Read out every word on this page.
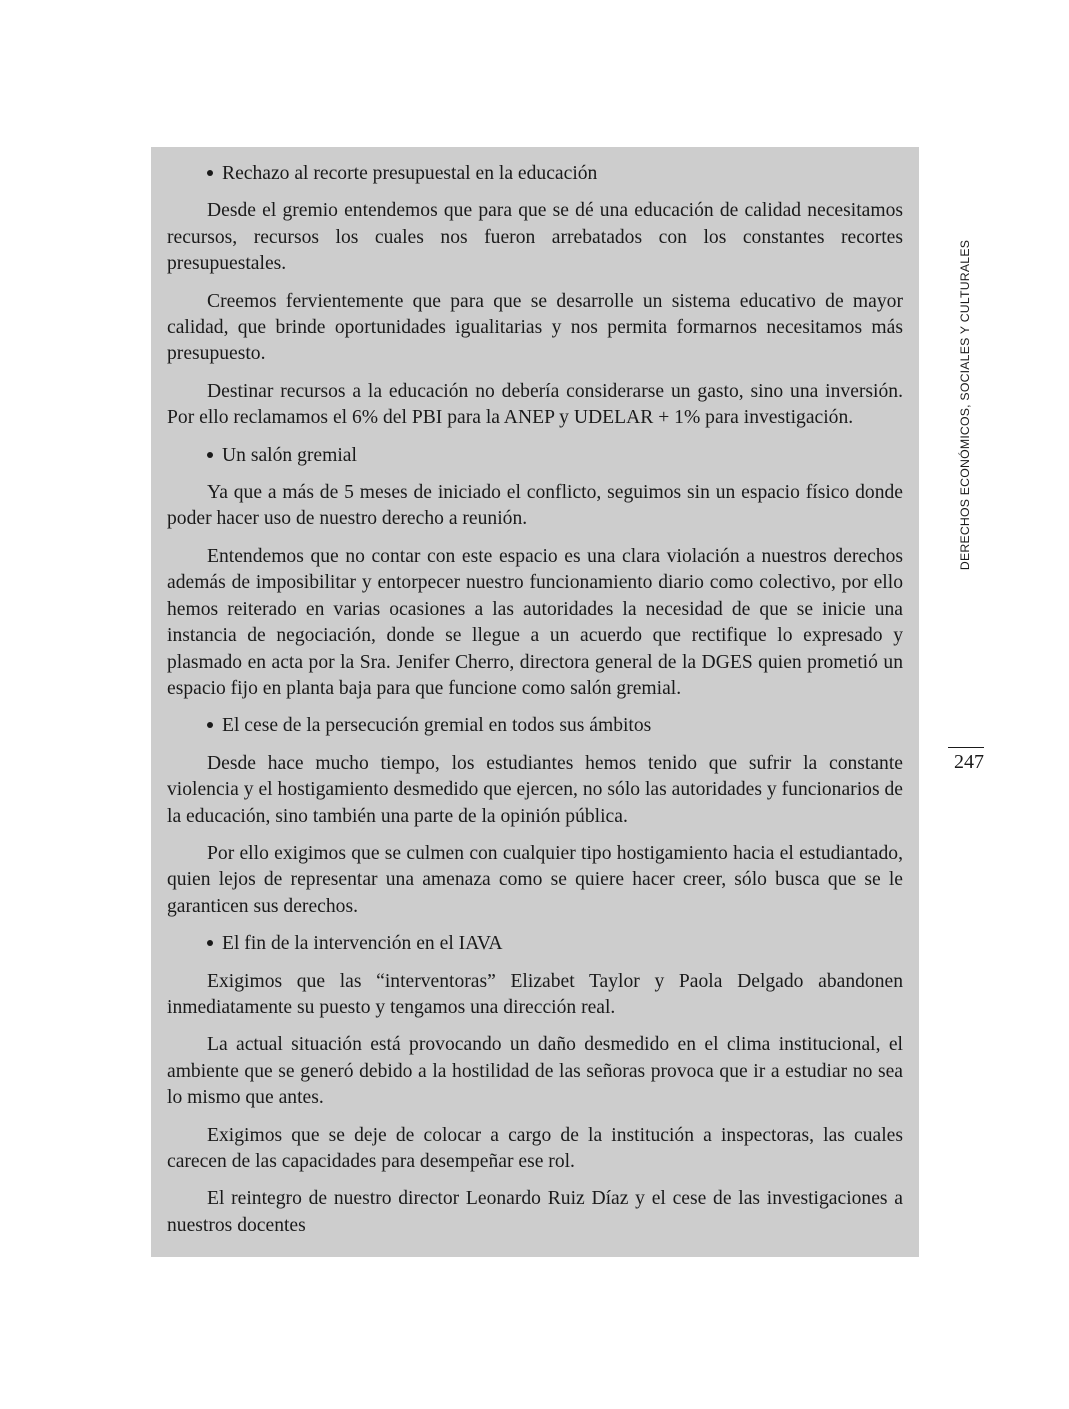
Rechazo al recorte presupuestal en la educación

Desde el gremio entendemos que para que se dé una educación de calidad necesitamos recursos, recursos los cuales nos fueron arrebatados con los constantes recortes presupuestales.

Creemos fervientemente que para que se desarrolle un sistema educativo de mayor calidad, que brinde oportunidades igualitarias y nos permita formarnos necesitamos más presupuesto.

Destinar recursos a la educación no debería considerarse un gasto, sino una inversión. Por ello reclamamos el 6% del PBI para la ANEP y UDELAR + 1% para investigación.

Un salón gremial

Ya que a más de 5 meses de iniciado el conflicto, seguimos sin un espacio físico donde poder hacer uso de nuestro derecho a reunión.

Entendemos que no contar con este espacio es una clara violación a nuestros derechos además de imposibilitar y entorpecer nuestro funcionamiento diario como colectivo, por ello hemos reiterado en varias ocasiones a las autoridades la necesidad de que se inicie una instancia de negociación, donde se llegue a un acuerdo que rectifique lo expresado y plasmado en acta por la Sra. Jenifer Cherro, directora general de la DGES quien prometió un espacio fijo en planta baja para que funcione como salón gremial.

El cese de la persecución gremial en todos sus ámbitos

Desde hace mucho tiempo, los estudiantes hemos tenido que sufrir la constante violencia y el hostigamiento desmedido que ejercen, no sólo las autoridades y funcionarios de la educación, sino también una parte de la opinión pública.

Por ello exigimos que se culmen con cualquier tipo hostigamiento hacia el estudiantado, quien lejos de representar una amenaza como se quiere hacer creer, sólo busca que se le garanticen sus derechos.

El fin de la intervención en el IAVA

Exigimos que las “interventoras” Elizabet Taylor y Paola Delgado abandonen inmediatamente su puesto y tengamos una dirección real.

La actual situación está provocando un daño desmedido en el clima institucional, el ambiente que se generó debido a la hostilidad de las señoras provoca que ir a estudiar no sea lo mismo que antes.

Exigimos que se deje de colocar a cargo de la institución a inspectoras, las cuales carecen de las capacidades para desempeñar ese rol.

El reintegro de nuestro director Leonardo Ruiz Díaz y el cese de las investigaciones a nuestros docentes

DERECHOS ECONÓMICOS, SOCIALES Y CULTURALES
247
